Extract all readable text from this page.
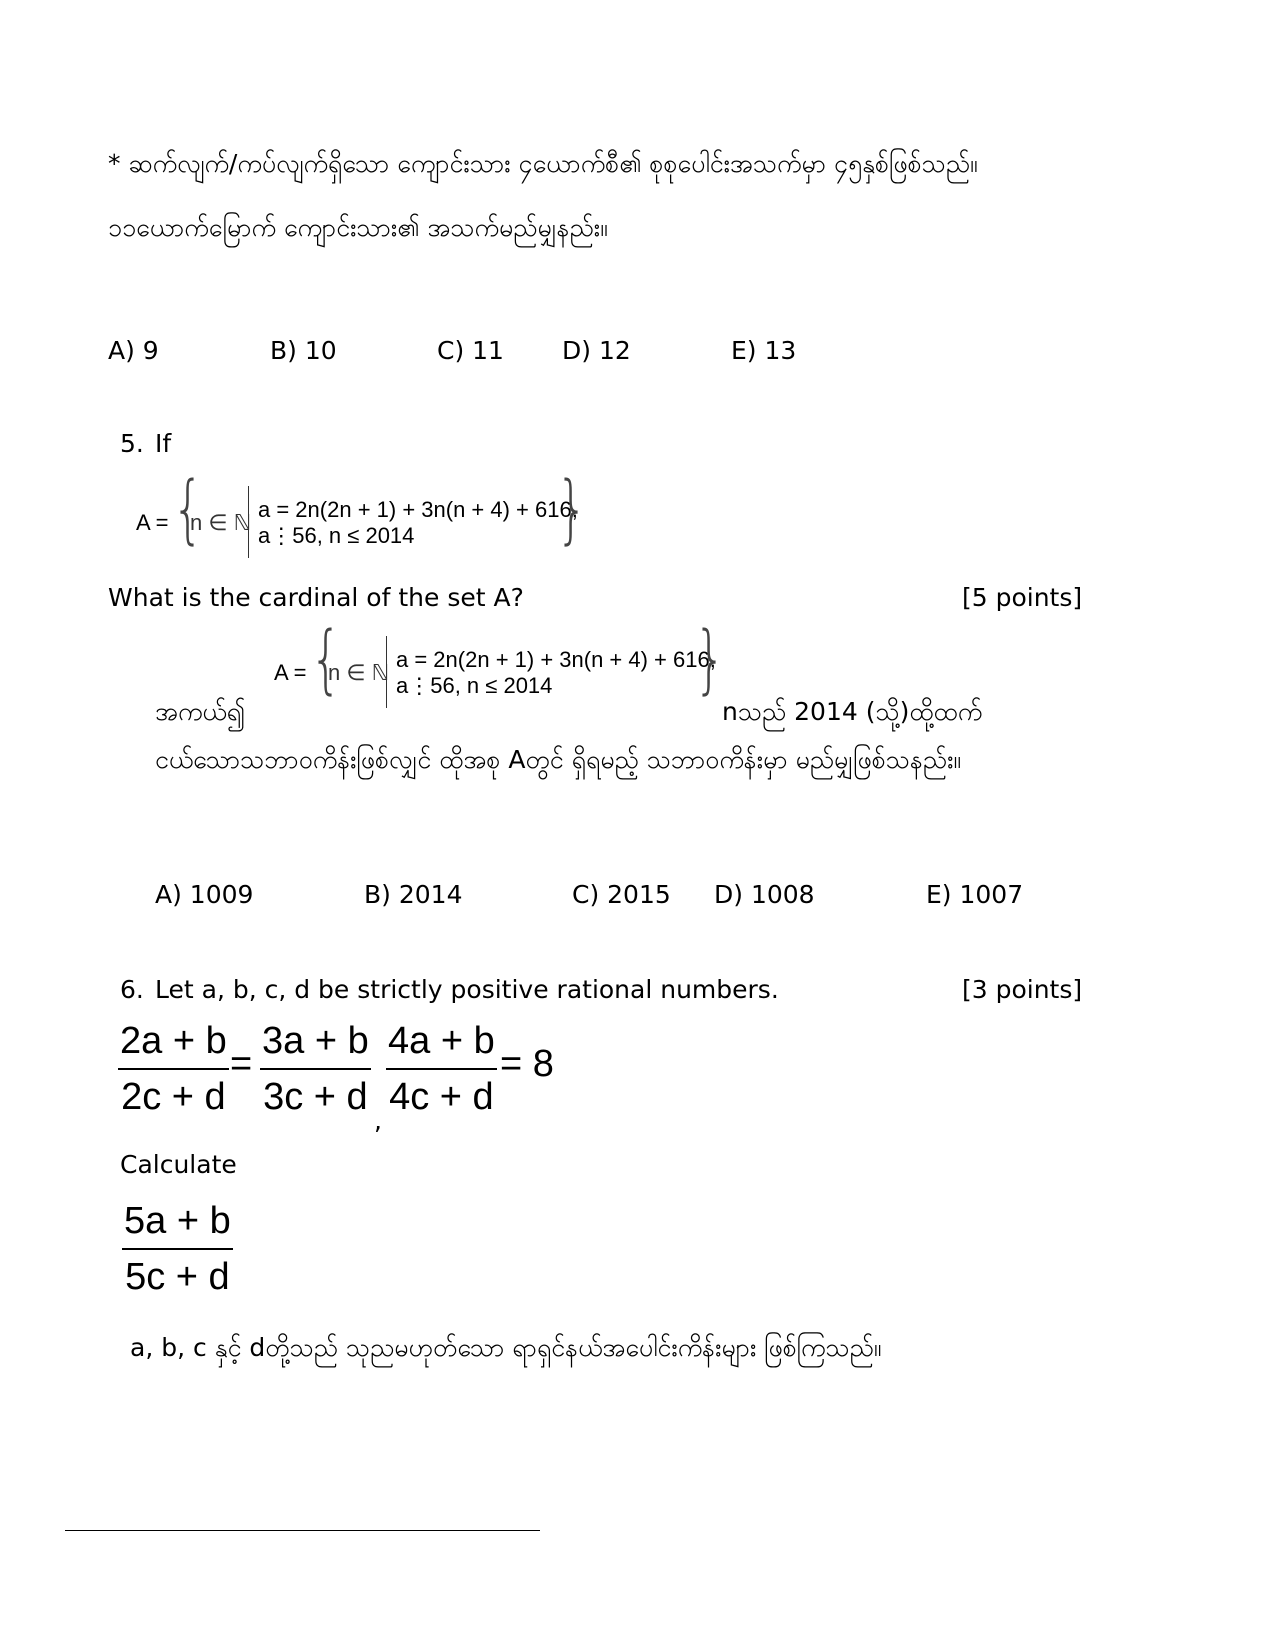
* ဆက်လျက်/ကပ်လျက်ရှိသော ကျောင်းသား ၄ယောက်စီ၏ စုစုပေါင်းအသက်မှာ ၄၅နှစ်ဖြစ်သည်။
၁၁ယောက်မြောက် ကျောင်းသား၏ အသက်မည်မျှနည်း။
A) 9	B) 10	C) 11 D) 12	E) 13
5. If
A = {
n ∈ ℕ
a = 2n(2n + 1) + 3n(n + 4) + 616,
a⋮56, n ≤ 2014	}
What is the cardinal of the set A?	[5 points]
A = {
n ∈ ℕ
a = 2n(2n + 1) + 3n(n + 4) + 616,
a⋮56, n ≤ 2014	}
အကယ်၍	nသည် 2014 (သို့)ထို့ထက်
ငယ်သောသဘာ၀ကိန်းဖြစ်လျှင် ထိုအစု Aတွင် ရှိရမည့် သဘာ၀ကိန်းမှာ မည်မျှဖြစ်သနည်း။
A) 1009	B) 2014	C) 2015 D) 1008	E) 1007
6. Let a, b, c, d be strictly positive rational numbers.	[3 points]
2a + b
2c + d
=
3a + b
3c + d
,
4a + b
4c + d
= 8
Calculate
5a + b
5c + d
a, b, c နှင့် dတို့သည် သုညမဟုတ်သော ရာရှင်နယ်အပေါင်းကိန်းများ ဖြစ်ကြသည်။
